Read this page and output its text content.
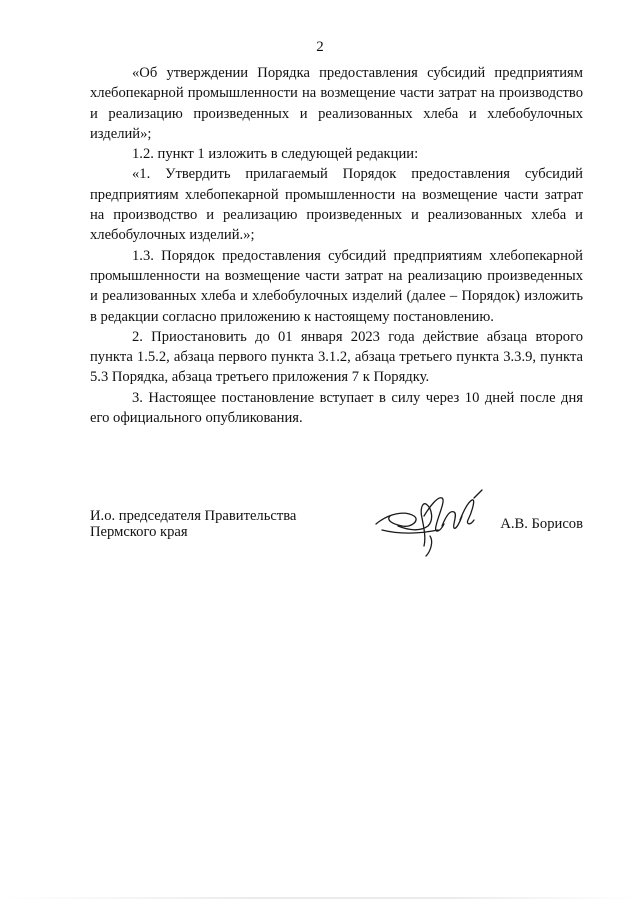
2

«Об утверждении Порядка предоставления субсидий предприятиям хлебопекарной промышленности на возмещение части затрат на производство и реализацию произведенных и реализованных хлеба и хлебобулочных изделий»;

1.2. пункт 1 изложить в следующей редакции:

«1. Утвердить прилагаемый Порядок предоставления субсидий предприятиям хлебопекарной промышленности на возмещение части затрат на производство и реализацию произведенных и реализованных хлеба и хлебобулочных изделий.»;

1.3. Порядок предоставления субсидий предприятиям хлебопекарной промышленности на возмещение части затрат на реализацию произведенных и реализованных хлеба и хлебобулочных изделий (далее – Порядок) изложить в редакции согласно приложению к настоящему постановлению.

2. Приостановить до 01 января 2023 года действие абзаца второго пункта 1.5.2, абзаца первого пункта 3.1.2, абзаца третьего пункта 3.3.9, пункта 5.3 Порядка, абзаца третьего приложения 7 к Порядку.

3. Настоящее постановление вступает в силу через 10 дней после дня его официального опубликования.

И.о. председателя Правительства
Пермского края	А.В. Борисов
